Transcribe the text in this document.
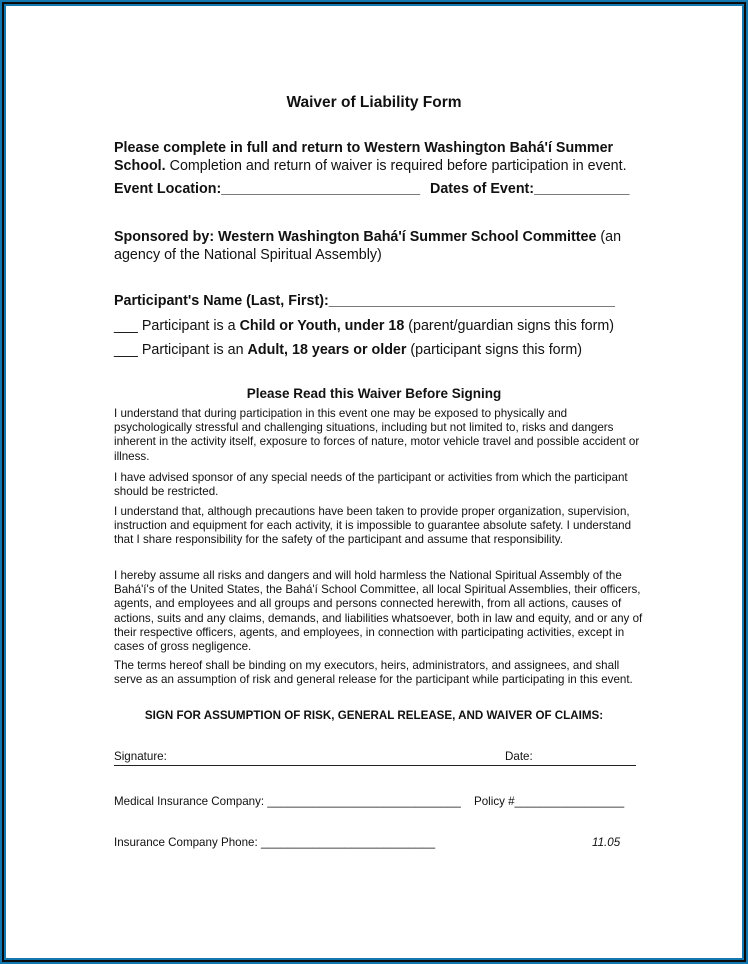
Waiver of Liability Form
Please complete in full and return to Western Washington Bahá'í Summer
School. Completion and return of waiver is required before participation in event.
Event Location:_________________________ Dates of Event:____________
Sponsored by: Western Washington Bahá'í Summer School Committee (an
agency of the National Spiritual Assembly)
Participant's Name (Last, First):____________________________________
___ Participant is a Child or Youth, under 18 (parent/guardian signs this form)
___ Participant is an Adult, 18 years or older (participant signs this form)
Please Read this Waiver Before Signing
I understand that during participation in this event one may be exposed to physically and psychologically stressful and challenging situations, including but not limited to, risks and dangers inherent in the activity itself, exposure to forces of nature, motor vehicle travel and possible accident or illness.
I have advised sponsor of any special needs of the participant or activities from which the participant should be restricted.
I understand that, although precautions have been taken to provide proper organization, supervision, instruction and equipment for each activity, it is impossible to guarantee absolute safety. I understand that I share responsibility for the safety of the participant and assume that responsibility.
I hereby assume all risks and dangers and will hold harmless the National Spiritual Assembly of the Bahá'í's of the United States, the Bahá'í School Committee, all local Spiritual Assemblies, their officers, agents, and employees and all groups and persons connected herewith, from all actions, causes of actions, suits and any claims, demands, and liabilities whatsoever, both in law and equity, and or any of their respective officers, agents, and employees, in connection with participating activities, except in cases of gross negligence.
The terms hereof shall be binding on my executors, heirs, administrators, and assignees, and shall serve as an assumption of risk and general release for the participant while participating in this event.
SIGN FOR ASSUMPTION OF RISK, GENERAL RELEASE, AND WAIVER OF CLAIMS:
Signature:	Date:
Medical Insurance Company: ______________________________ Policy #_________________
Insurance Company Phone: ___________________________	11.05
